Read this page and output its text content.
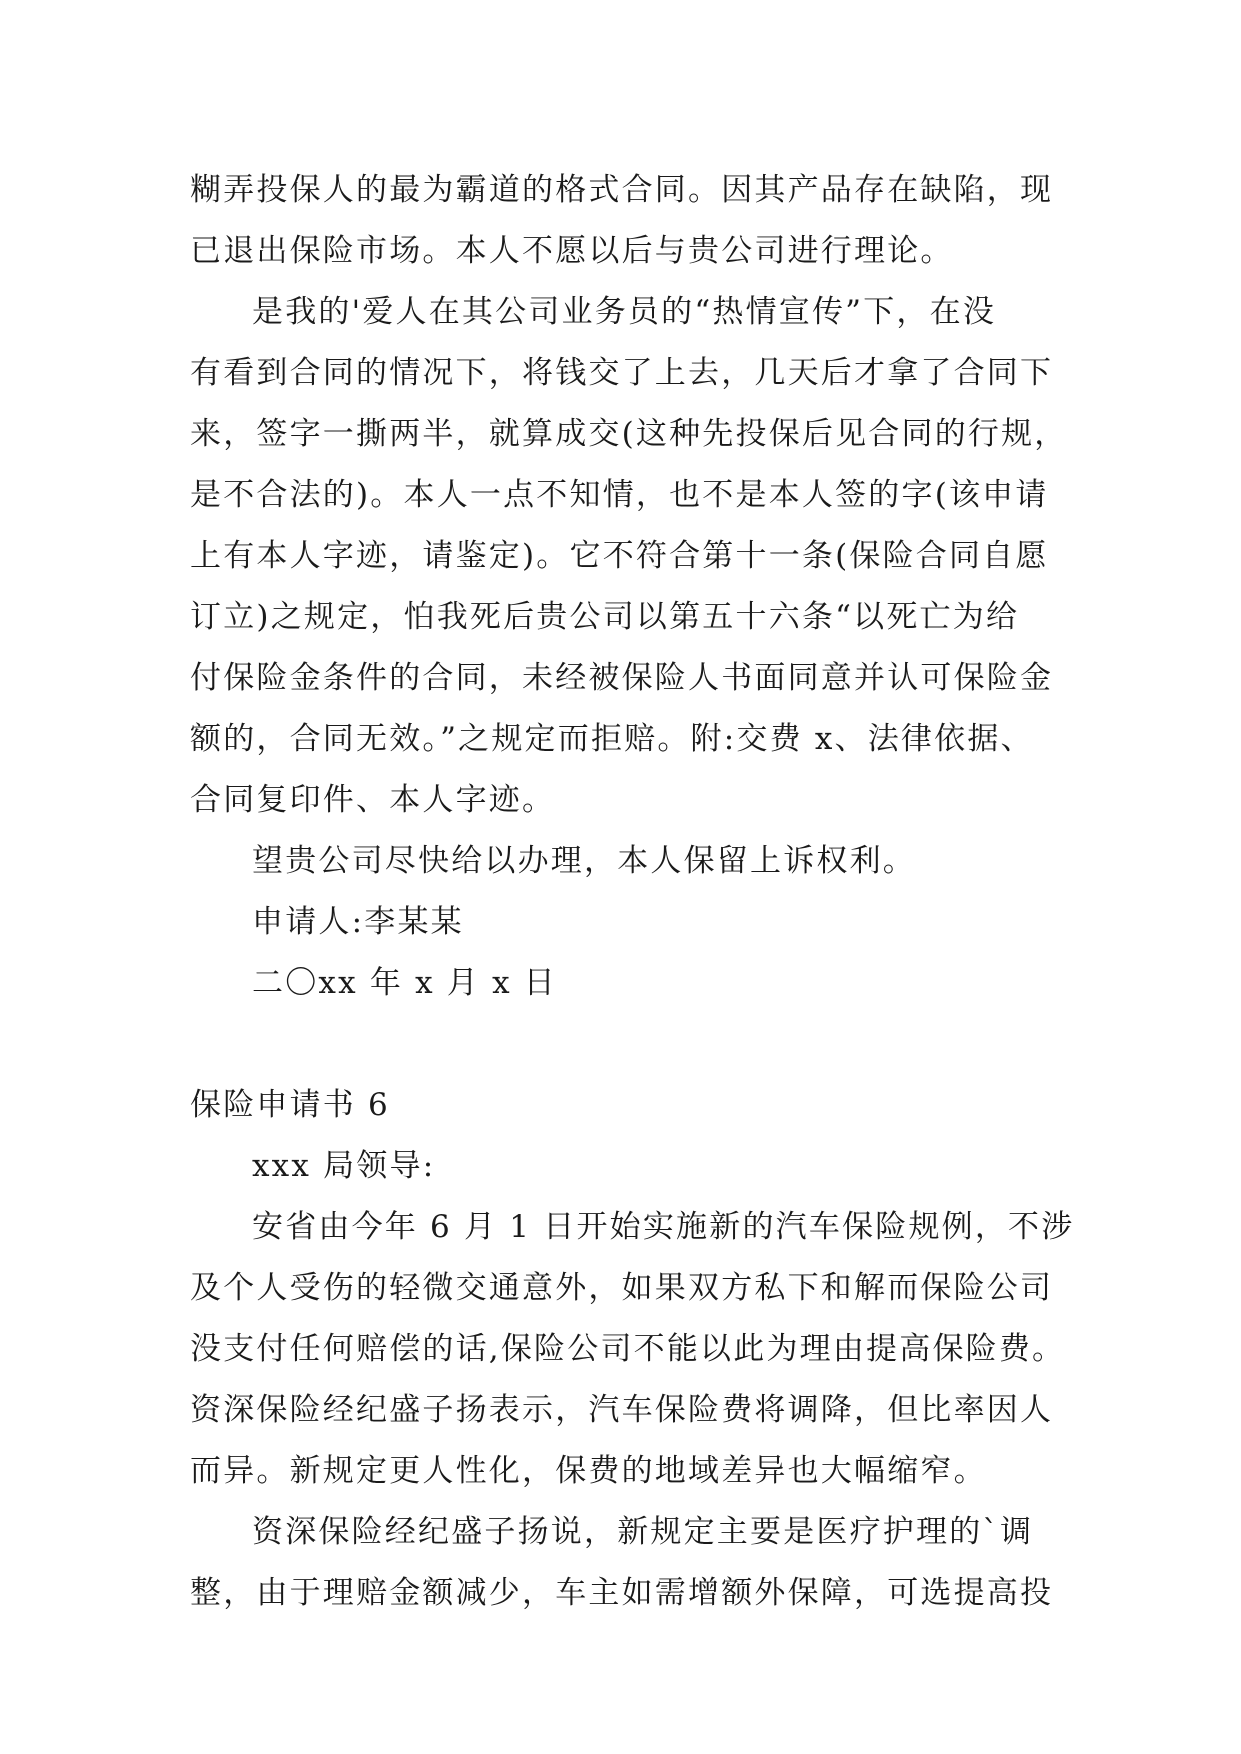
糊弄投保人的最为霸道的格式合同。因其产品存在缺陷，现
已退出保险市场。本人不愿以后与贵公司进行理论。
是我的'爱人在其公司业务员的“热情宣传”下，在没
有看到合同的情况下，将钱交了上去，几天后才拿了合同下
来，签字一撕两半，就算成交(这种先投保后见合同的行规，
是不合法的)。本人一点不知情，也不是本人签的字(该申请
上有本人字迹，请鉴定)。它不符合第十一条(保险合同自愿
订立)之规定，怕我死后贵公司以第五十六条“以死亡为给
付保险金条件的合同，未经被保险人书面同意并认可保险金
额的，合同无效。”之规定而拒赔。附:交费 x、法律依据、
合同复印件、本人字迹。
望贵公司尽快给以办理，本人保留上诉权利。
申请人:李某某
二〇xx 年 x 月 x 日
保险申请书 6
xxx 局领导:
安省由今年 6 月 1 日开始实施新的汽车保险规例，不涉
及个人受伤的轻微交通意外，如果双方私下和解而保险公司
没支付任何赔偿的话,保险公司不能以此为理由提高保险费。
资深保险经纪盛子扬表示，汽车保险费将调降，但比率因人
而异。新规定更人性化，保费的地域差异也大幅缩窄。
资深保险经纪盛子扬说，新规定主要是医疗护理的`调
整，由于理赔金额减少，车主如需增额外保障，可选提高投
